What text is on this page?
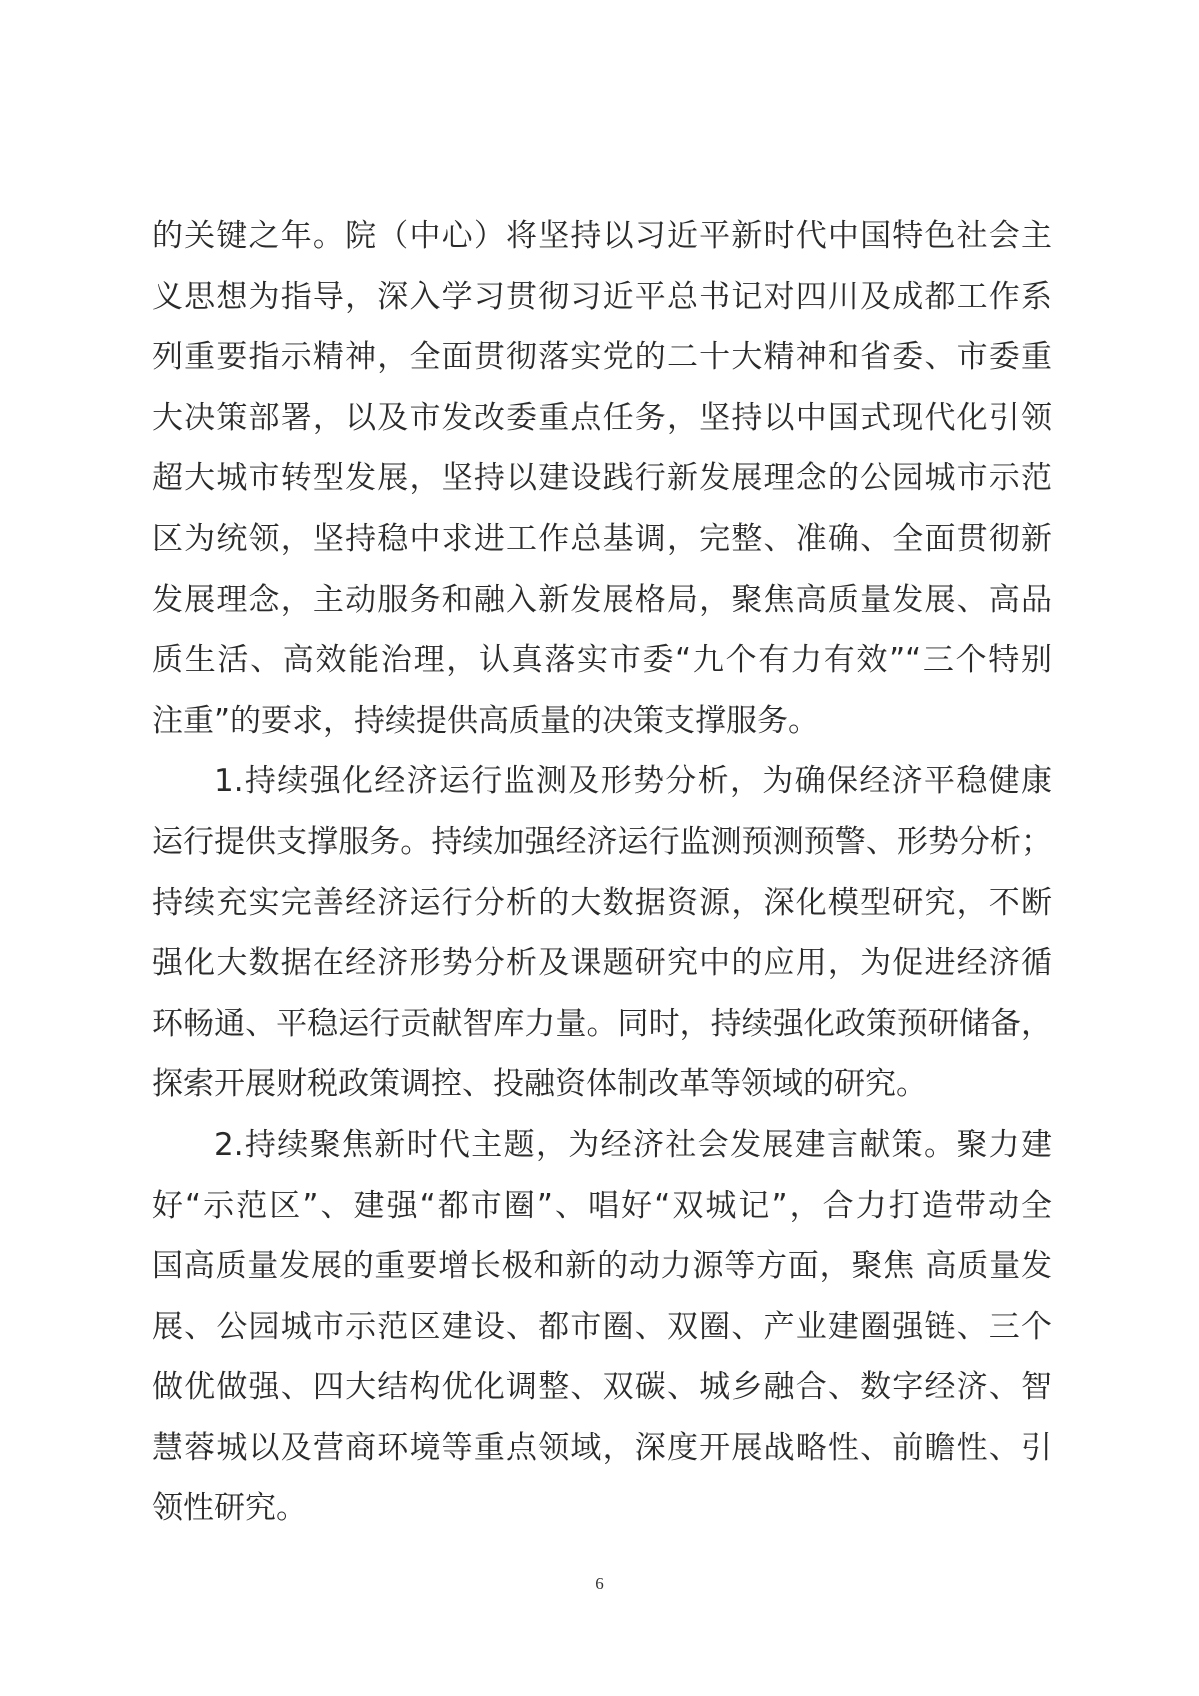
的关键之年。院（中心）将坚持以习近平新时代中国特色社会主
义思想为指导，深入学习贯彻习近平总书记对四川及成都工作系
列重要指示精神，全面贯彻落实党的二十大精神和省委、市委重
大决策部署，以及市发改委重点任务，坚持以中国式现代化引领
超大城市转型发展，坚持以建设践行新发展理念的公园城市示范
区为统领，坚持稳中求进工作总基调，完整、准确、全面贯彻新
发展理念，主动服务和融入新发展格局，聚焦高质量发展、高品
质生活、高效能治理，认真落实市委“九个有力有效”“三个特别
注重”的要求，持续提供高质量的决策支撑服务。
1.持续强化经济运行监测及形势分析，为确保经济平稳健康
运行提供支撑服务。持续加强经济运行监测预测预警、形势分析；
持续充实完善经济运行分析的大数据资源，深化模型研究，不断
强化大数据在经济形势分析及课题研究中的应用，为促进经济循
环畅通、平稳运行贡献智库力量。同时，持续强化政策预研储备，
探索开展财税政策调控、投融资体制改革等领域的研究。
2.持续聚焦新时代主题，为经济社会发展建言献策。聚力建
好“示范区”、建强“都市圈”、唱好“双城记”，合力打造带动全
国高质量发展的重要增长极和新的动力源等方面，聚焦 高质量发
展、公园城市示范区建设、都市圈、双圈、产业建圈强链、三个
做优做强、四大结构优化调整、双碳、城乡融合、数字经济、智
慧蓉城以及营商环境等重点领域，深度开展战略性、前瞻性、引
领性研究。
6
